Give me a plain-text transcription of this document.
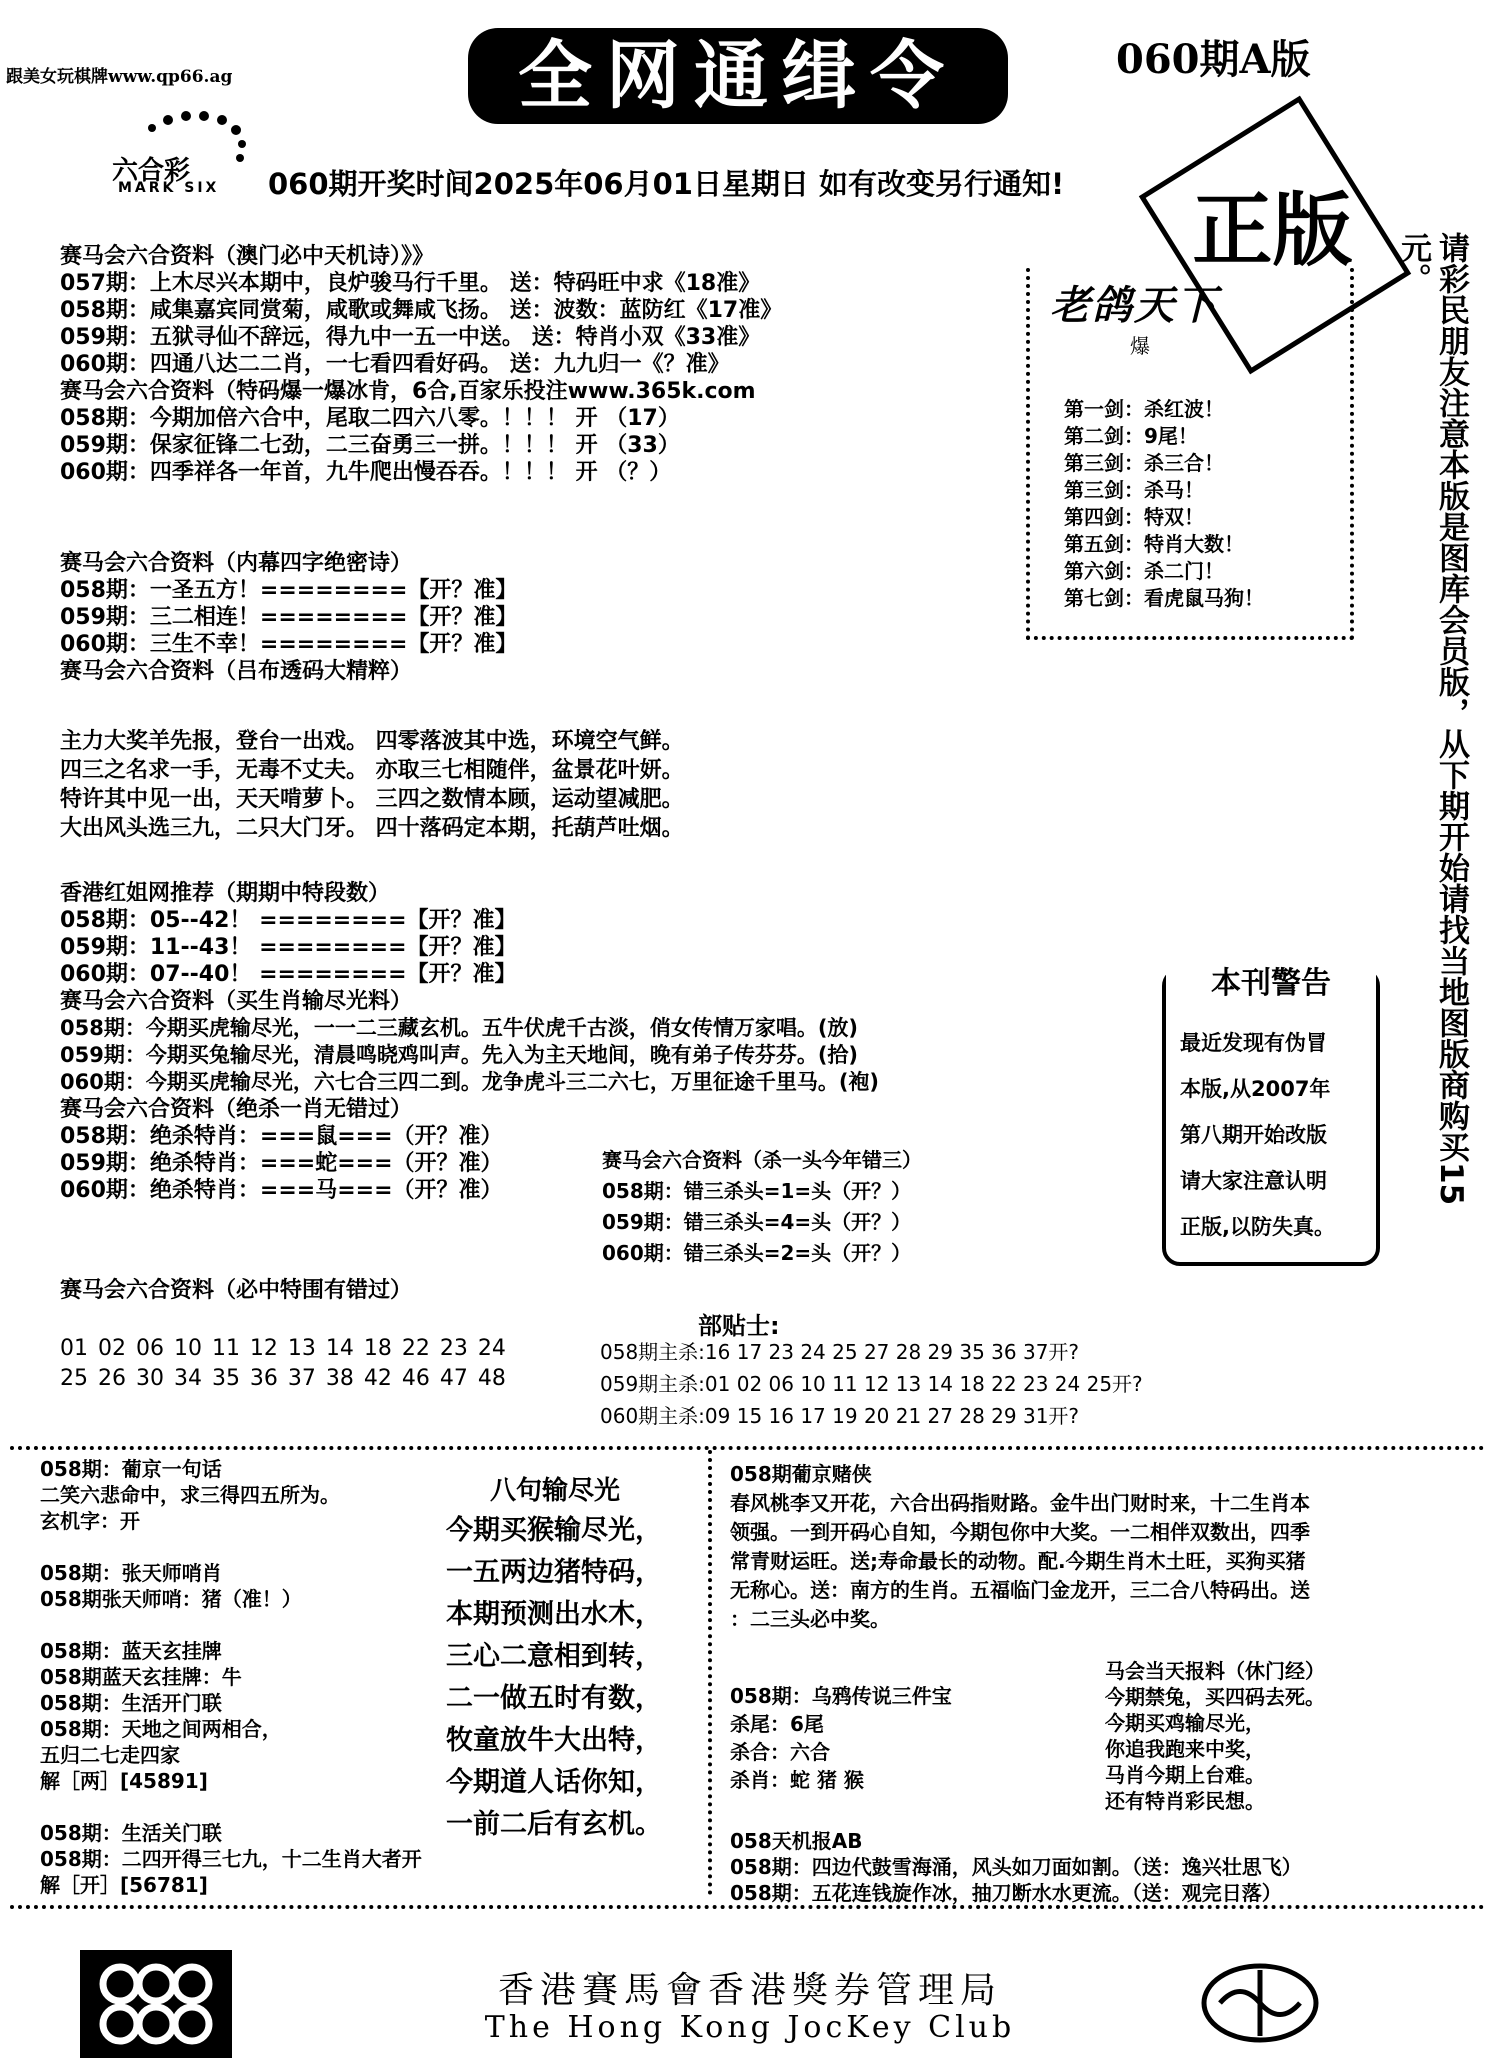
跟美女玩棋牌www.qp66.ag	全网通缉令	060期A版
六合彩
MARK SIX 060期开奖时间2025年06月01日星期日 如有改变另行通知! 正版
请彩民朋友注意本版是图库会员版，从下期开始请找当地图版商购买15元。
赛马会六合资料（澳门必中天机诗）》》
057期：上木尽兴本期中，良炉骏马行千里。 送：特码旺中求《18准》
058期：咸集嘉宾同赏菊，咸歌或舞咸飞扬。 送：波数：蓝防红《17准》
059期：五狱寻仙不辞远，得九中一五一中送。 送：特肖小双《33准》
060期：四通八达二二肖，一七看四看好码。 送：九九归一《？准》
赛马会六合资料（特码爆一爆冰肯，6合,百家乐投注www.365k.com
058期：今期加倍六合中，尾取二四六八零。！！！ 开 （17）
059期：保家征锋二七劲，二三奋勇三一拼。！！！ 开 （33）
060期：四季祥各一年首，九牛爬出慢吞吞。！！！ 开 （？）
老鸽天下
爆
第一剑：杀红波！
第二剑：9尾！
第三剑：杀三合！
第三剑：杀马！
第四剑：特双！
第五剑：特肖大数！
第六剑：杀二门！
第七剑：看虎鼠马狗！
赛马会六合资料（内幕四字绝密诗）
058期：一圣五方！========【开？准】
059期：三二相连！========【开？准】
060期：三生不幸！========【开？准】
赛马会六合资料（吕布透码大精粹）
主力大奖羊先报，登台一出戏。 四零落波其中选，环境空气鲜。
四三之名求一手，无毒不丈夫。 亦取三七相随伴，盆景花叶妍。
特许其中见一出，天天啃萝卜。 三四之数情本顾，运动望减肥。
大出风头选三九，二只大门牙。 四十落码定本期，托葫芦吐烟。
香港红姐网推荐（期期中特段数）
058期：05--42！ ========【开？准】
059期：11--43！ ========【开？准】
060期：07--40！ ========【开？准】
赛马会六合资料（买生肖输尽光料）
058期：今期买虎输尽光，一一二三藏玄机。五牛伏虎千古淡，俏女传情万家唱。(放)
059期：今期买兔输尽光，清晨鸣晓鸡叫声。先入为主天地间，晚有弟子传芬芬。(拾)
060期：今期买虎输尽光，六七合三四二到。龙争虎斗三二六七，万里征途千里马。(袍)
赛马会六合资料（绝杀一肖无错过）
058期：绝杀特肖：===鼠===（开？准）
059期：绝杀特肖：===蛇===（开？准）
060期：绝杀特肖：===马===（开？准）
本刊警告
最近发现有伪冒
本版,从2007年
第八期开始改版
请大家注意认明
正版,以防失真。
赛马会六合资料（杀一头今年错三）
058期：错三杀头=1=头（开？）
059期：错三杀头=4=头（开？）
060期：错三杀头=2=头（开？）
赛马会六合资料（必中特围有错过）
01 02 06 10 11 12 13 14 18 22 23 24
25 26 30 34 35 36 37 38 42 46 47 48
部贴士:
058期主杀:16 17 23 24 25 27 28 29 35 36 37开?
059期主杀:01 02 06 10 11 12 13 14 18 22 23 24 25开?
060期主杀:09 15 16 17 19 20 21 27 28 29 31开?
058期：葡京一句话
二笑六悲命中，求三得四五所为。
玄机字：开
058期：张天师哨肖
058期张天师哨：猪（准！）
058期：蓝天玄挂牌
058期蓝天玄挂牌：牛
058期：生活开门联
058期：天地之间两相合，
五归二七走四家
解［两］[45891]
058期：生活关门联
058期：二四开得三七九，十二生肖大者开
解［开］[56781]
八句输尽光
今期买猴输尽光，
一五两边猪特码，
本期预测出水木，
三心二意相到转，
二一做五时有数，
牧童放牛大出特，
今期道人话你知，
一前二后有玄机。
058期葡京赌侠
春风桃李又开花，六合出码指财路。金牛出门财时来，十二生肖本
领强。一到开码心自知，今期包你中大奖。一二相伴双数出，四季
常青财运旺。送;寿命最长的动物。配.今期生肖木土旺，买狗买猪
无称心。送：南方的生肖。五福临门金龙开，三二合八特码出。送
：二三头必中奖。
058期：乌鸦传说三件宝
杀尾：6尾
杀合：六合
杀肖：蛇 猪 猴
马会当天报料（休门经）
今期禁兔，买四码去死。
今期买鸡输尽光，
你追我跑来中奖，
马肖今期上台难。
还有特肖彩民想。
058天机报AB
058期：四边代鼓雪海涌，风头如刀面如割。（送：逸兴壮思飞）
058期：五花连钱旋作冰，抽刀断水水更流。（送：观完日落）
香港賽馬會香港獎券管理局
The Hong Kong JocKey Club
